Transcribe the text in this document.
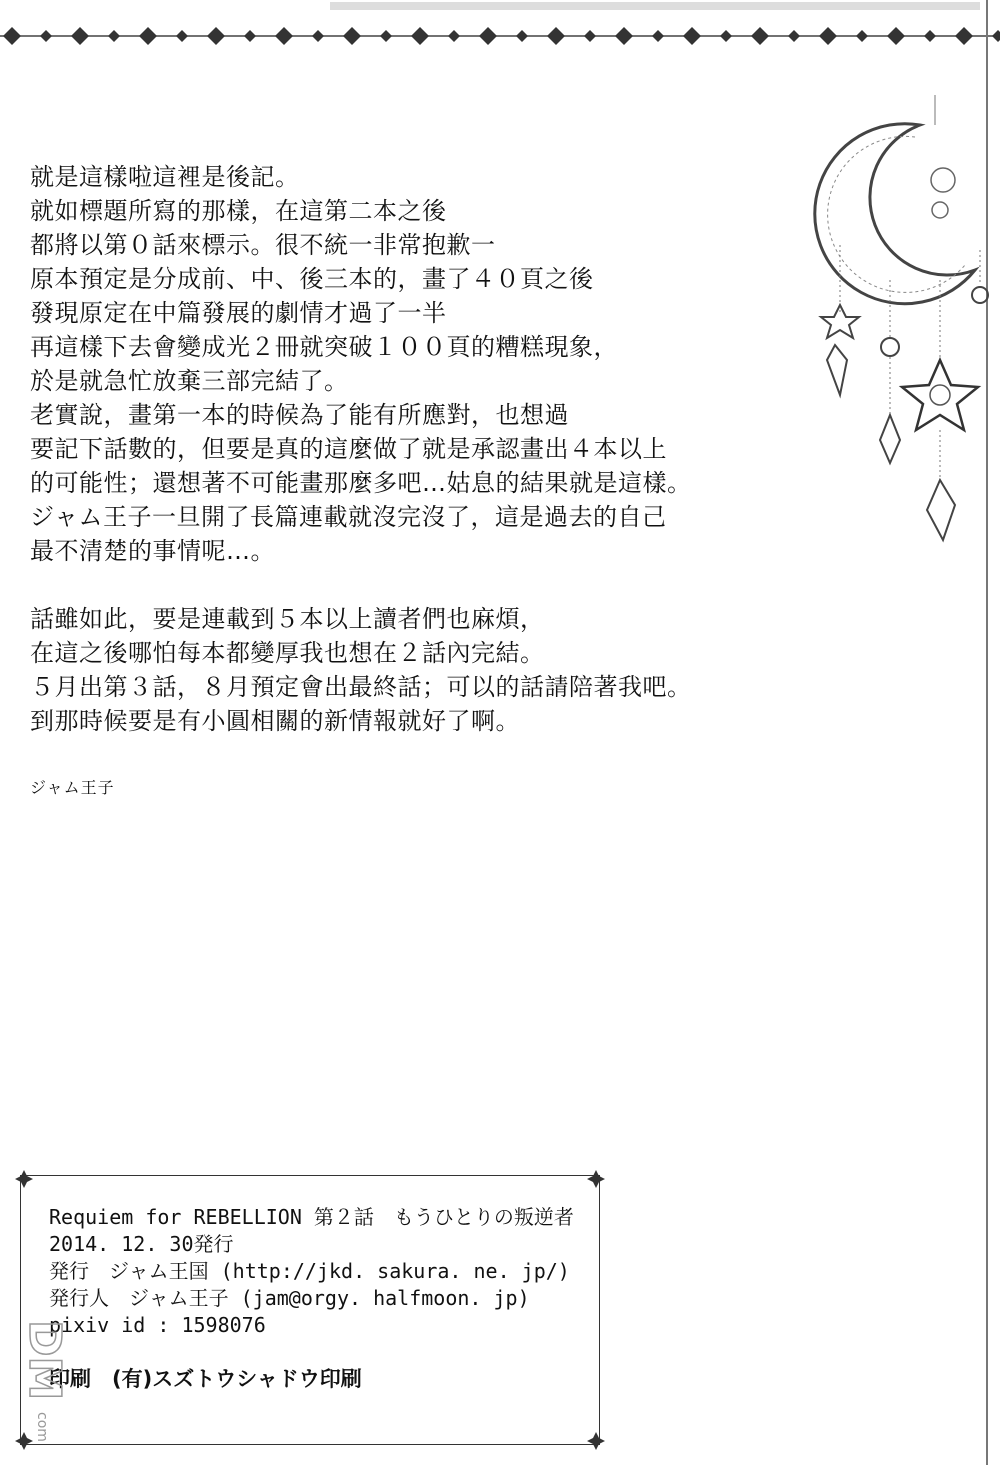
就是這樣啦這裡是後記。

就如標題所寫的那樣，在這第二本之後

都將以第０話來標示。很不統一非常抱歉一

原本預定是分成前、中、後三本的，畫了４０頁之後

發現原定在中篇發展的劇情才過了一半

再這樣下去會變成光２冊就突破１００頁的糟糕現象，

於是就急忙放棄三部完結了。

老實說，畫第一本的時候為了能有所應對，也想過

要記下話數的，但要是真的這麼做了就是承認畫出４本以上

的可能性；還想著不可能畫那麼多吧…姑息的結果就是這樣。

ジャム王子一旦開了長篇連載就沒完沒了，這是過去的自己

最不清楚的事情呢…。

話雖如此，要是連載到５本以上讀者們也麻煩，

在這之後哪怕每本都變厚我也想在２話內完結。

５月出第３話，８月預定會出最終話；可以的話請陪著我吧。

到那時候要是有小圓相關的新情報就好了啊。

ジャム王子
Requiem for REBELLION 第２話　もうひとりの叛逆者
2014. 12. 30発行
発行　ジャム王国 (http://jkd. sakura. ne. jp/)
発行人　ジャム王子 (jam@orgy. halfmoon. jp)
pixiv id : 1598076
印刷　(有)スズトウシャドウ印刷
DM
com
